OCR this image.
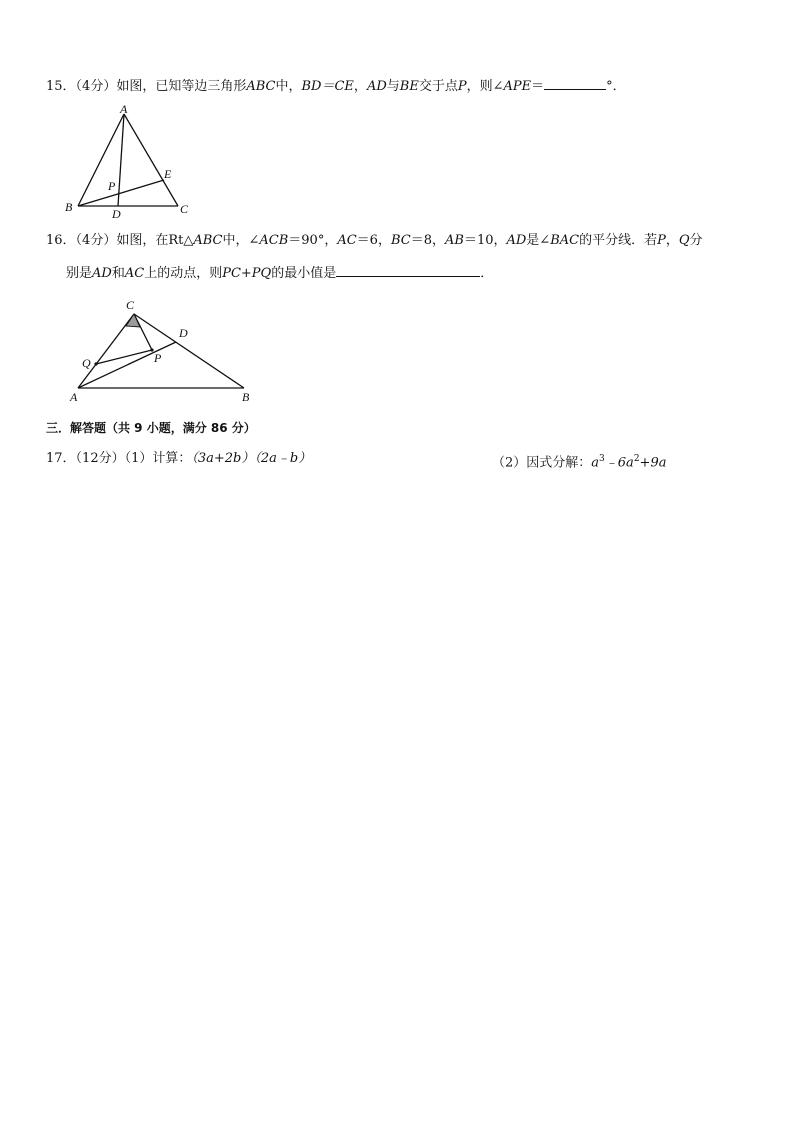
15．（4分）如图，已知等边三角形ABC中，BD＝CE，AD与BE交于点P，则∠APE＝	°．
A
B	C
D
E
P
16．（4分）如图，在Rt△ABC中，∠ACB＝90°，AC＝6，BC＝8，AB＝10，AD是∠BAC的平分线．若P，Q分
别是AD和AC上的动点，则PC+PQ的最小值是	．
C
D
Q	P
A	B
三．解答题（共 9 小题，满分 86 分）
17．（12分）（1）计算：（3a+2b）（2a﹣b）	（2）因式分解：$a^3﹣6a^2+9a$
